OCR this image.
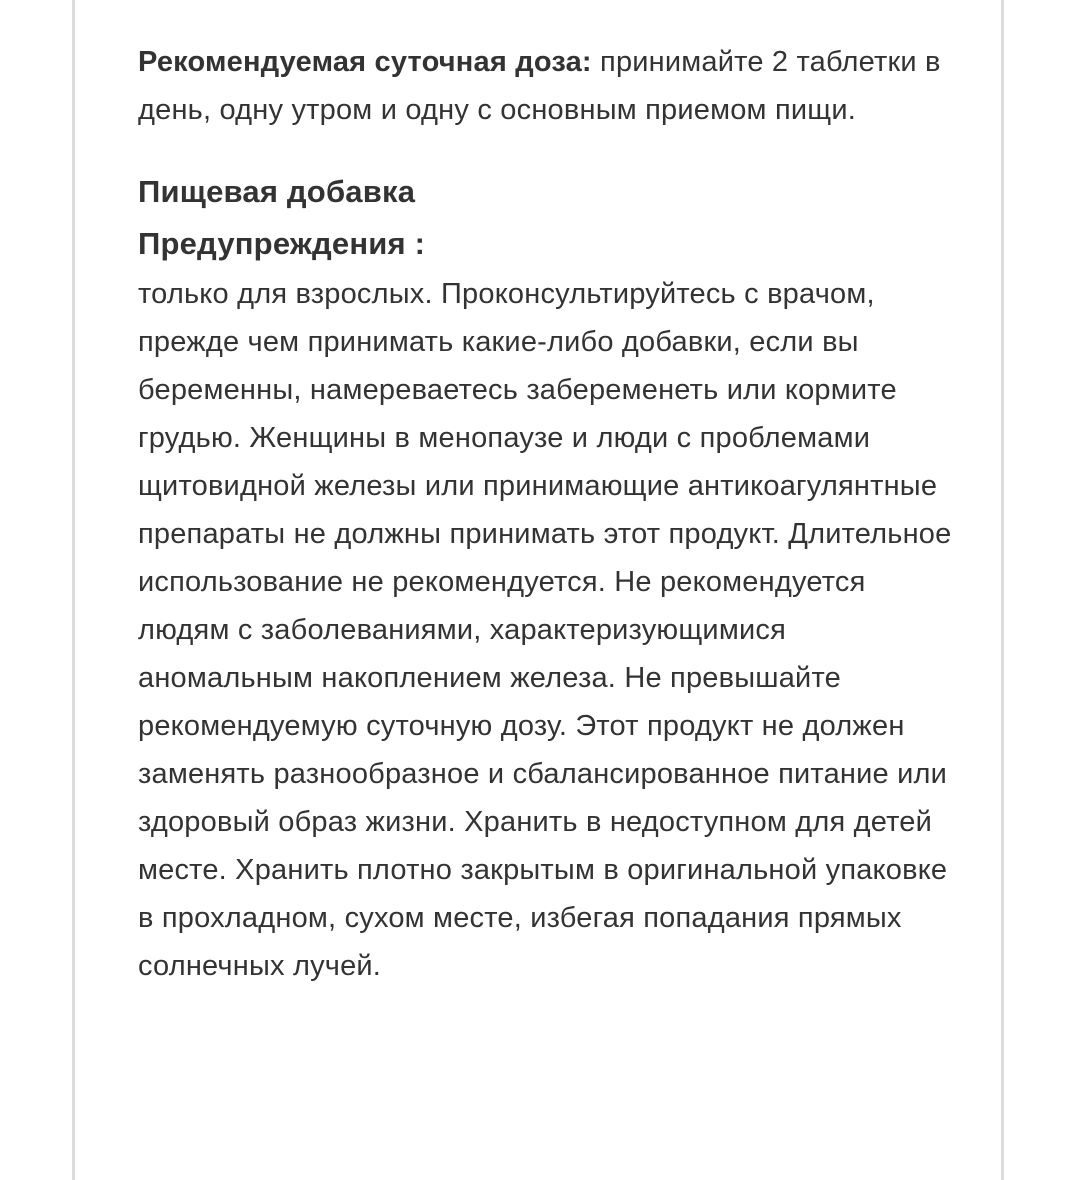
Рекомендуемая суточная доза: принимайте 2 таблетки в день, одну утром и одну с основным приемом пищи.

Пищевая добавка
Предупреждения :

только для взрослых. Проконсультируйтесь с врачом, прежде чем принимать какие-либо добавки, если вы беременны, намереваетесь забеременеть или кормите грудью. Женщины в менопаузе и люди с проблемами щитовидной железы или принимающие антикоагулянтные препараты не должны принимать этот продукт. Длительное использование не рекомендуется. Не рекомендуется людям с заболеваниями, характеризующимися аномальным накоплением железа. Не превышайте рекомендуемую суточную дозу. Этот продукт не должен заменять разнообразное и сбалансированное питание или здоровый образ жизни. Хранить в недоступном для детей месте. Хранить плотно закрытым в оригинальной упаковке в прохладном, сухом месте, избегая попадания прямых солнечных лучей.
